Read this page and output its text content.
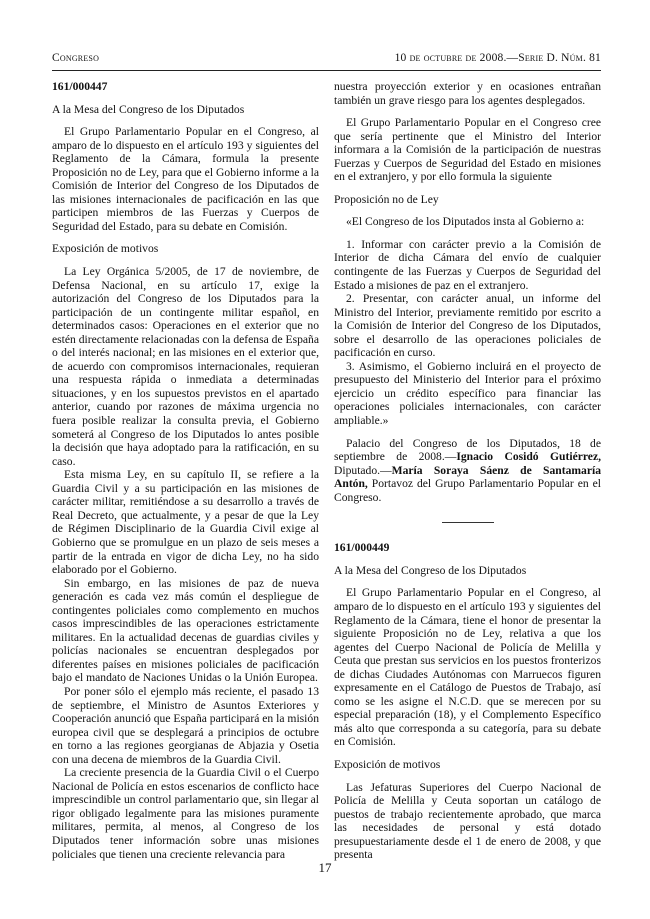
Congreso	10 de octubre de 2008.—Serie D. Núm. 81

161/000447

A la Mesa del Congreso de los Diputados

El Grupo Parlamentario Popular en el Congreso, al amparo de lo dispuesto en el artículo 193 y siguientes del Reglamento de la Cámara, formula la presente Proposición no de Ley, para que el Gobierno informe a la Comisión de Interior del Congreso de los Diputados de las misiones internacionales de pacificación en las que participen miembros de las Fuerzas y Cuerpos de Seguridad del Estado, para su debate en Comisión.

Exposición de motivos

La Ley Orgánica 5/2005, de 17 de noviembre, de Defensa Nacional, en su artículo 17, exige la autorización del Congreso de los Diputados para la participación de un contingente militar español, en determinados casos: Operaciones en el exterior que no estén directamente relacionadas con la defensa de España o del interés nacional; en las misiones en el exterior que, de acuerdo con compromisos internacionales, requieran una respuesta rápida o inmediata a determinadas situaciones, y en los supuestos previstos en el apartado anterior, cuando por razones de máxima urgencia no fuera posible realizar la consulta previa, el Gobierno someterá al Congreso de los Diputados lo antes posible la decisión que haya adoptado para la ratificación, en su caso.

Esta misma Ley, en su capítulo II, se refiere a la Guardia Civil y a su participación en las misiones de carácter militar, remitiéndose a su desarrollo a través de Real Decreto, que actualmente, y a pesar de que la Ley de Régimen Disciplinario de la Guardia Civil exige al Gobierno que se promulgue en un plazo de seis meses a partir de la entrada en vigor de dicha Ley, no ha sido elaborado por el Gobierno.

Sin embargo, en las misiones de paz de nueva generación es cada vez más común el despliegue de contingentes policiales como complemento en muchos casos imprescindibles de las operaciones estrictamente militares. En la actualidad decenas de guardias civiles y policías nacionales se encuentran desplegados por diferentes países en misiones policiales de pacificación bajo el mandato de Naciones Unidas o la Unión Europea.

Por poner sólo el ejemplo más reciente, el pasado 13 de septiembre, el Ministro de Asuntos Exteriores y Cooperación anunció que España participará en la misión europea civil que se desplegará a principios de octubre en torno a las regiones georgianas de Abjazia y Osetia con una decena de miembros de la Guardia Civil.

La creciente presencia de la Guardia Civil o el Cuerpo Nacional de Policía en estos escenarios de conflicto hace imprescindible un control parlamentario que, sin llegar al rigor obligado legalmente para las misiones puramente militares, permita, al menos, al Congreso de los Diputados tener información sobre unas misiones policiales que tienen una creciente relevancia para

nuestra proyección exterior y en ocasiones entrañan también un grave riesgo para los agentes desplegados.

El Grupo Parlamentario Popular en el Congreso cree que sería pertinente que el Ministro del Interior informara a la Comisión de la participación de nuestras Fuerzas y Cuerpos de Seguridad del Estado en misiones en el extranjero, y por ello formula la siguiente

Proposición no de Ley

«El Congreso de los Diputados insta al Gobierno a:

1. Informar con carácter previo a la Comisión de Interior de dicha Cámara del envío de cualquier contingente de las Fuerzas y Cuerpos de Seguridad del Estado a misiones de paz en el extranjero.

2. Presentar, con carácter anual, un informe del Ministro del Interior, previamente remitido por escrito a la Comisión de Interior del Congreso de los Diputados, sobre el desarrollo de las operaciones policiales de pacificación en curso.

3. Asimismo, el Gobierno incluirá en el proyecto de presupuesto del Ministerio del Interior para el próximo ejercicio un crédito específico para financiar las operaciones policiales internacionales, con carácter ampliable.»

Palacio del Congreso de los Diputados, 18 de septiembre de 2008.—Ignacio Cosidó Gutiérrez, Diputado.—María Soraya Sáenz de Santamaría Antón, Portavoz del Grupo Parlamentario Popular en el Congreso.

161/000449

A la Mesa del Congreso de los Diputados

El Grupo Parlamentario Popular en el Congreso, al amparo de lo dispuesto en el artículo 193 y siguientes del Reglamento de la Cámara, tiene el honor de presentar la siguiente Proposición no de Ley, relativa a que los agentes del Cuerpo Nacional de Policía de Melilla y Ceuta que prestan sus servicios en los puestos fronterizos de dichas Ciudades Autónomas con Marruecos figuren expresamente en el Catálogo de Puestos de Trabajo, así como se les asigne el N.C.D. que se merecen por su especial preparación (18), y el Complemento Específico más alto que corresponda a su categoría, para su debate en Comisión.

Exposición de motivos

Las Jefaturas Superiores del Cuerpo Nacional de Policía de Melilla y Ceuta soportan un catálogo de puestos de trabajo recientemente aprobado, que marca las necesidades de personal y está dotado presupuestariamente desde el 1 de enero de 2008, y que presenta

17
